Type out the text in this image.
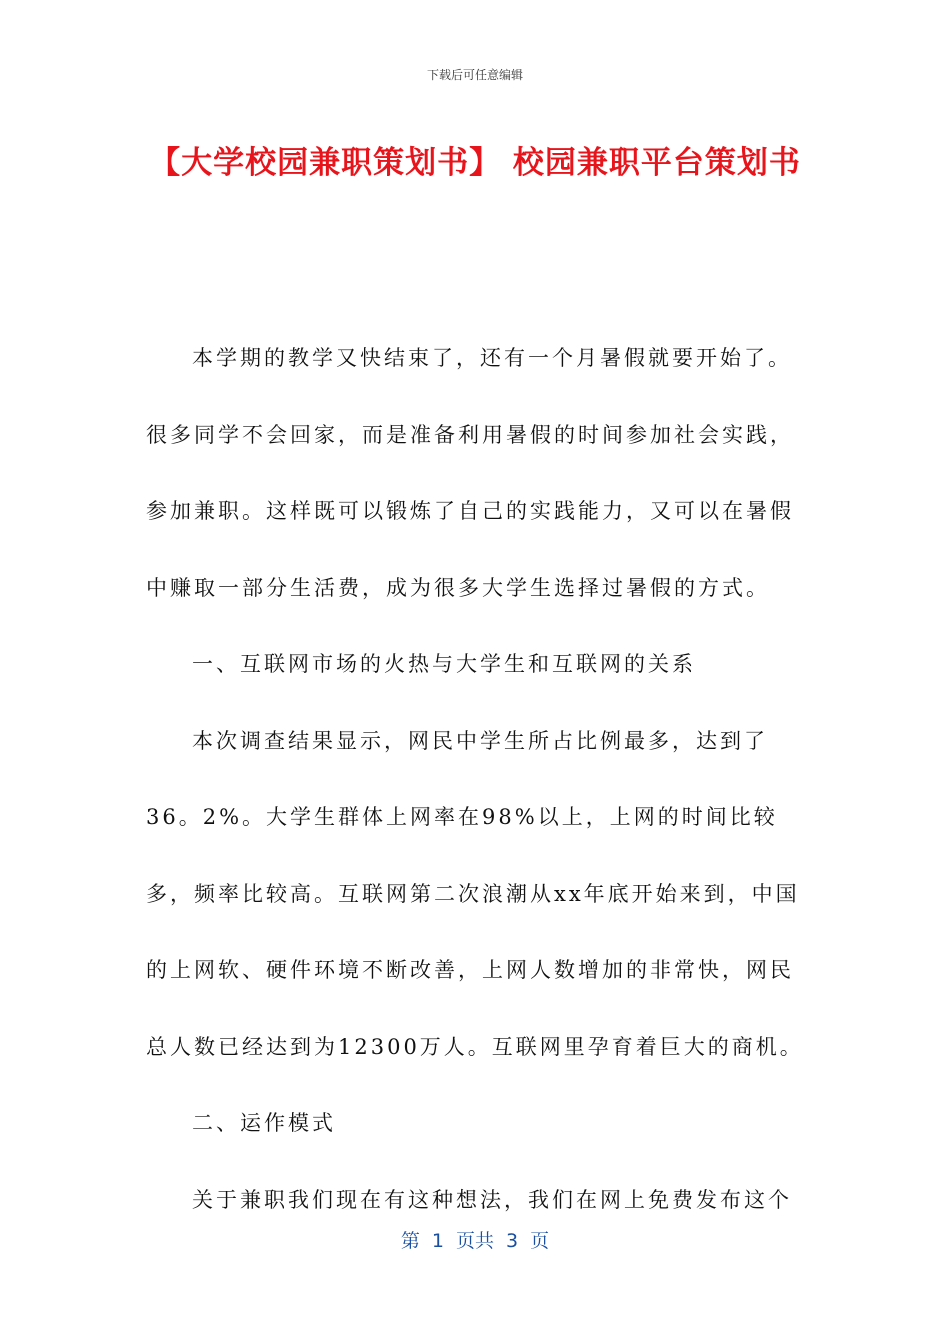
下载后可任意编辑
【大学校园兼职策划书】 校园兼职平台策划书

本学期的教学又快结束了，还有一个月暑假就要开始了。很多同学不会回家，而是准备利用暑假的时间参加社会实践，参加兼职。这样既可以锻炼了自己的实践能力，又可以在暑假中赚取一部分生活费，成为很多大学生选择过暑假的方式。

一、互联网市场的火热与大学生和互联网的关系

本次调查结果显示，网民中学生所占比例最多，达到了36。2%。大学生群体上网率在98%以上，上网的时间比较多，频率比较高。互联网第二次浪潮从xx年底开始来到，中国的上网软、硬件环境不断改善，上网人数增加的非常快，网民总人数已经达到为12300万人。互联网里孕育着巨大的商机。

二、运作模式

关于兼职我们现在有这种想法，我们在网上免费发布这个

第 1 页共 3 页
